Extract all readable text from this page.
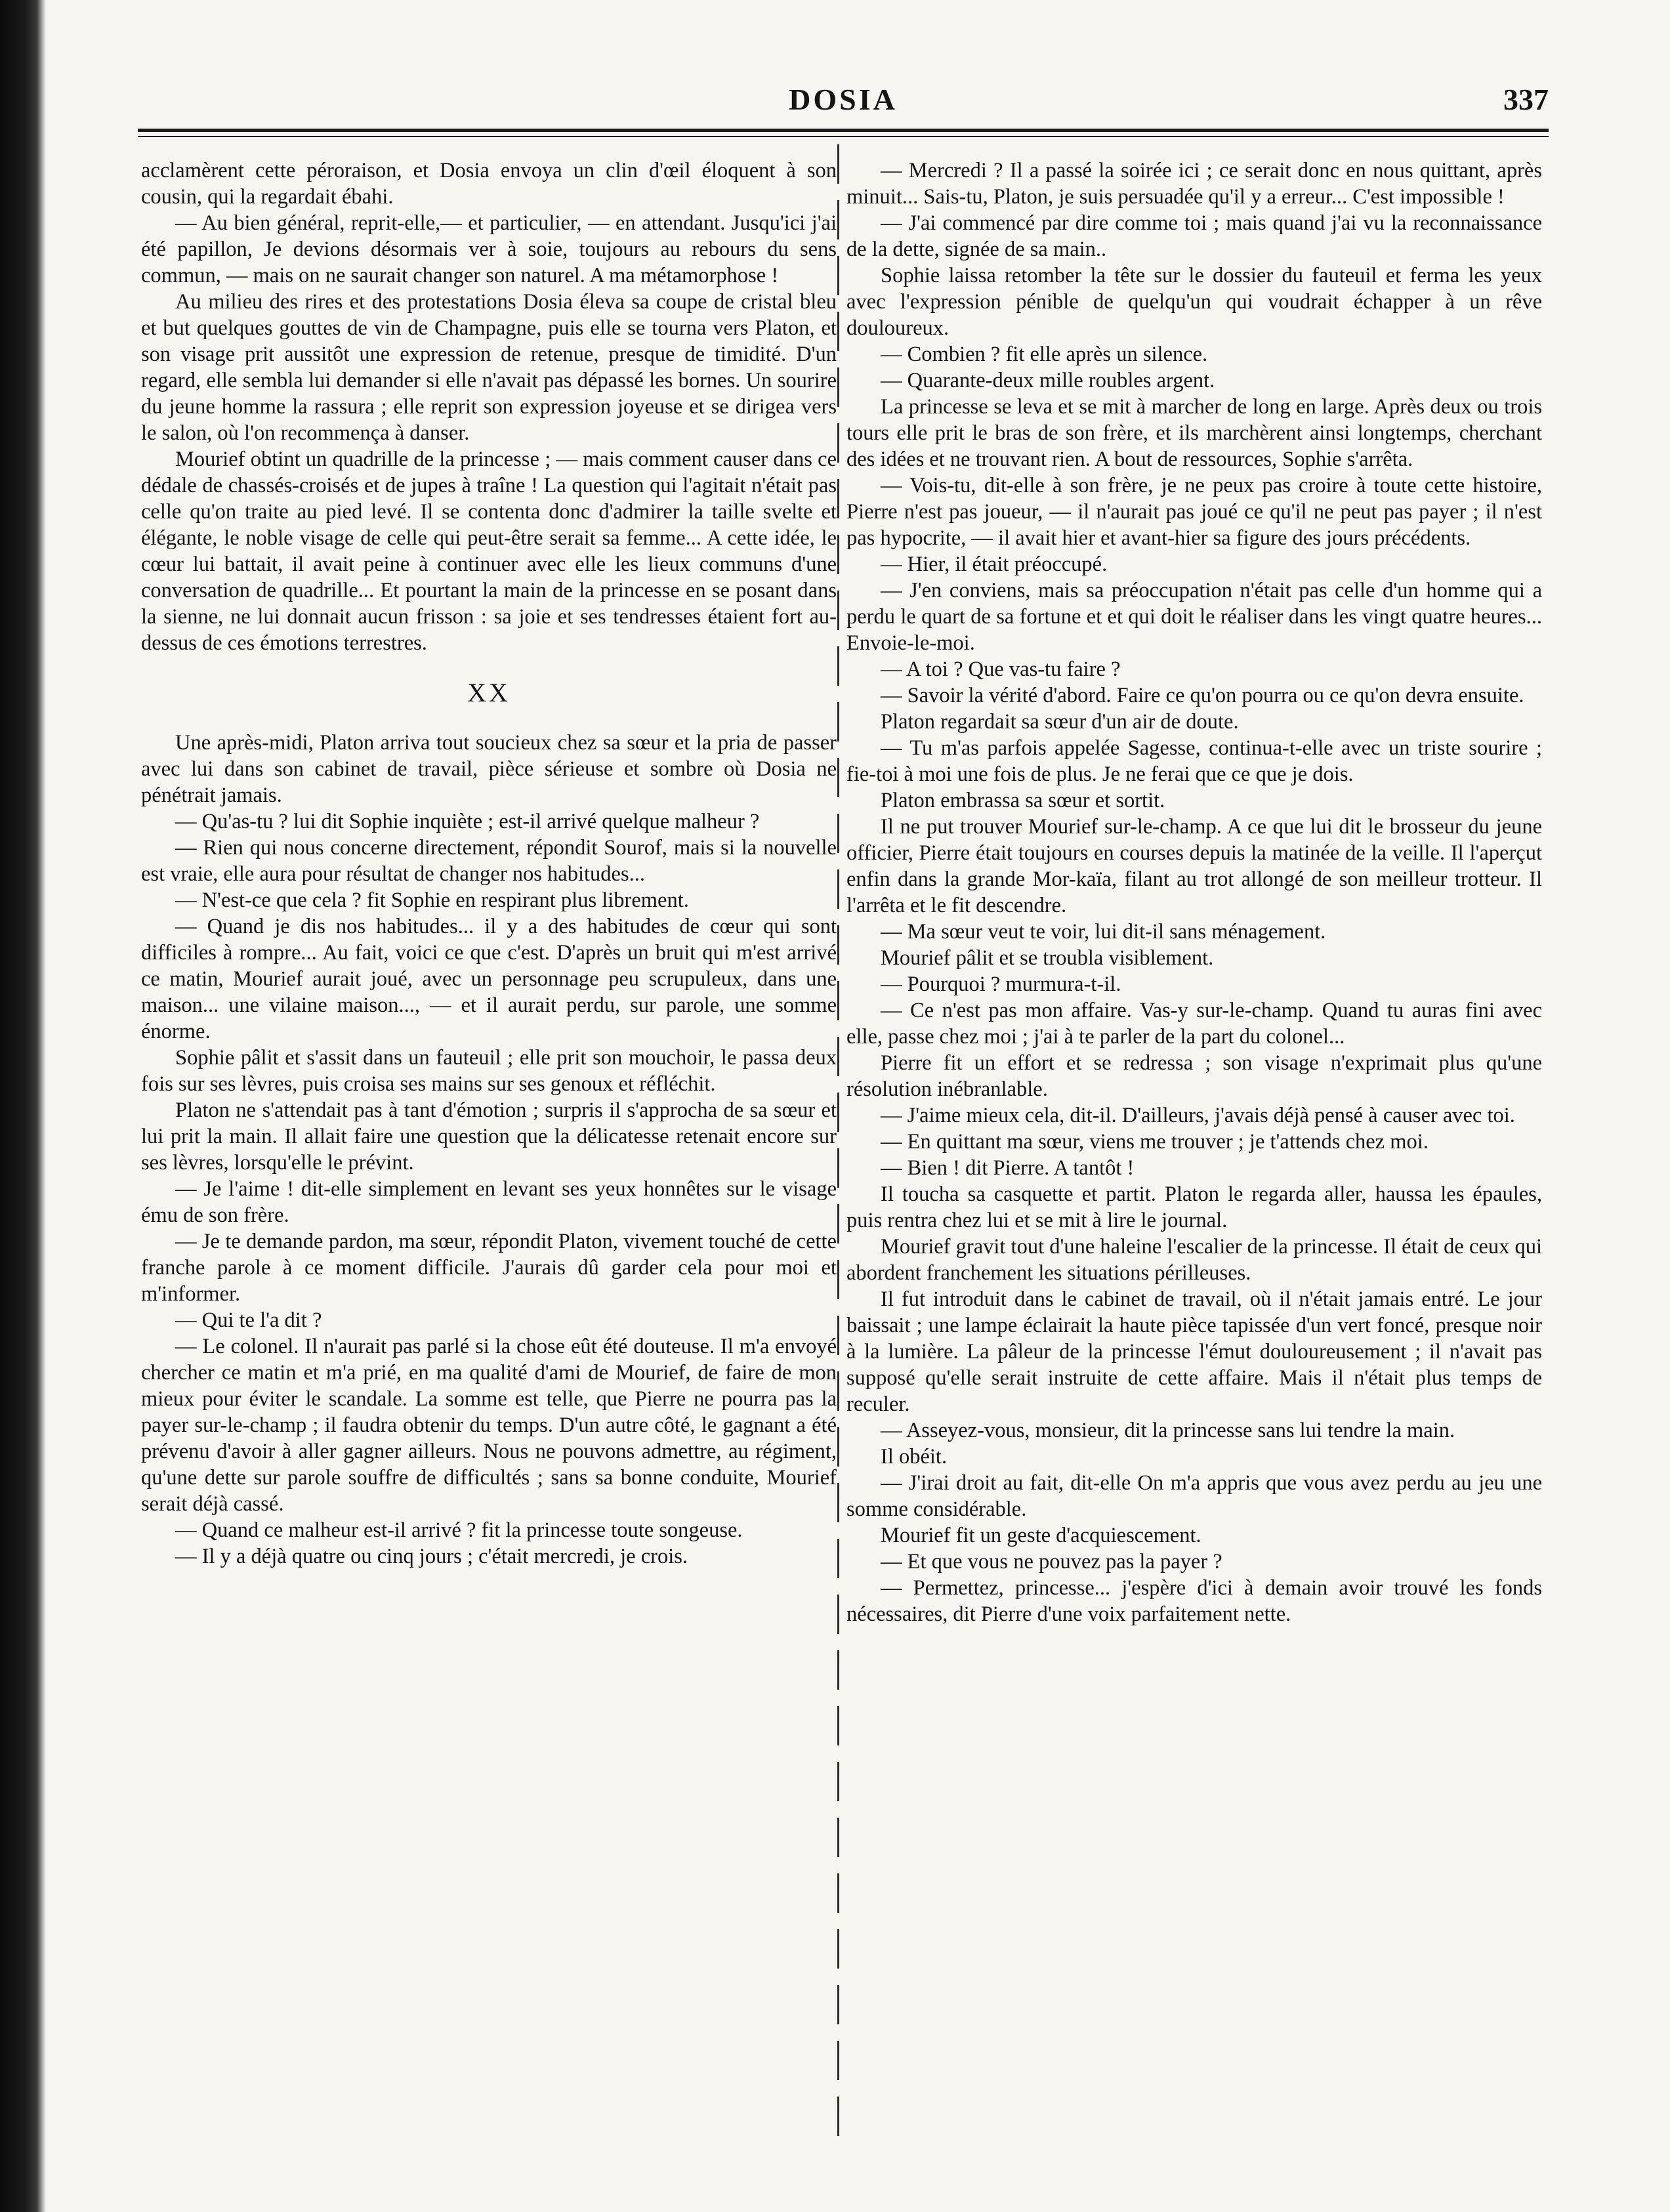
DOSIA	337

acclamèrent cette péroraison, et Dosia envoya un clin d'œil éloquent à son cousin, qui la regardait ébahi.

— Au bien général, reprit-elle,— et particulier, — en attendant. Jusqu'ici j'ai été papillon, Je devions désormais ver à soie, toujours au rebours du sens commun, — mais on ne saurait changer son naturel. A ma métamorphose !

Au milieu des rires et des protestations Dosia éleva sa coupe de cristal bleu et but quelques gouttes de vin de Champagne, puis elle se tourna vers Platon, et son visage prit aussitôt une expression de retenue, presque de timidité. D'un regard, elle sembla lui demander si elle n'avait pas dépassé les bornes. Un sourire du jeune homme la rassura ; elle reprit son expression joyeuse et se dirigea vers le salon, où l'on recommença à danser.

Mourief obtint un quadrille de la princesse ; — mais comment causer dans ce dédale de chassés-croisés et de jupes à traîne ! La question qui l'agitait n'était pas celle qu'on traite au pied levé. Il se contenta donc d'admirer la taille svelte et élégante, le noble visage de celle qui peut-être serait sa femme... A cette idée, le cœur lui battait, il avait peine à continuer avec elle les lieux communs d'une conversation de quadrille... Et pourtant la main de la princesse en se posant dans la sienne, ne lui donnait aucun frisson : sa joie et ses tendresses étaient fort au-dessus de ces émotions terrestres.

XX

Une après-midi, Platon arriva tout soucieux chez sa sœur et la pria de passer avec lui dans son cabinet de travail, pièce sérieuse et sombre où Dosia ne pénétrait jamais.

— Qu'as-tu ? lui dit Sophie inquiète ; est-il arrivé quelque malheur ?

— Rien qui nous concerne directement, répondit Sourof, mais si la nouvelle est vraie, elle aura pour résultat de changer nos habitudes...

— N'est-ce que cela ? fit Sophie en respirant plus librement.

— Quand je dis nos habitudes... il y a des habitudes de cœur qui sont difficiles à rompre... Au fait, voici ce que c'est. D'après un bruit qui m'est arrivé ce matin, Mourief aurait joué, avec un personnage peu scrupuleux, dans une maison... une vilaine maison..., — et il aurait perdu, sur parole, une somme énorme.

Sophie pâlit et s'assit dans un fauteuil ; elle prit son mouchoir, le passa deux fois sur ses lèvres, puis croisa ses mains sur ses genoux et réfléchit.

Platon ne s'attendait pas à tant d'émotion ; surpris il s'approcha de sa sœur et lui prit la main. Il allait faire une question que la délicatesse retenait encore sur ses lèvres, lorsqu'elle le prévint.

— Je l'aime ! dit-elle simplement en levant ses yeux honnêtes sur le visage ému de son frère.

— Je te demande pardon, ma sœur, répondit Platon, vivement touché de cette franche parole à ce moment difficile. J'aurais dû garder cela pour moi et m'informer.

— Qui te l'a dit ?

— Le colonel. Il n'aurait pas parlé si la chose eût été douteuse. Il m'a envoyé chercher ce matin et m'a prié, en ma qualité d'ami de Mourief, de faire de mon mieux pour éviter le scandale. La somme est telle, que Pierre ne pourra pas la payer sur-le-champ ; il faudra obtenir du temps. D'un autre côté, le gagnant a été prévenu d'avoir à aller gagner ailleurs. Nous ne pouvons admettre, au régiment, qu'une dette sur parole souffre de difficultés ; sans sa bonne conduite, Mourief serait déjà cassé.

— Quand ce malheur est-il arrivé ? fit la princesse toute songeuse.

— Il y a déjà quatre ou cinq jours ; c'était mercredi, je crois.

— Mercredi ? Il a passé la soirée ici ; ce serait donc en nous quittant, après minuit... Sais-tu, Platon, je suis persuadée qu'il y a erreur... C'est impossible !

— J'ai commencé par dire comme toi ; mais quand j'ai vu la reconnaissance de la dette, signée de sa main..

Sophie laissa retomber la tête sur le dossier du fauteuil et ferma les yeux avec l'expression pénible de quelqu'un qui voudrait échapper à un rêve douloureux.

— Combien ? fit elle après un silence.

— Quarante-deux mille roubles argent.

La princesse se leva et se mit à marcher de long en large. Après deux ou trois tours elle prit le bras de son frère, et ils marchèrent ainsi longtemps, cherchant des idées et ne trouvant rien. A bout de ressources, Sophie s'arrêta.

— Vois-tu, dit-elle à son frère, je ne peux pas croire à toute cette histoire, Pierre n'est pas joueur, — il n'aurait pas joué ce qu'il ne peut pas payer ; il n'est pas hypocrite, — il avait hier et avant-hier sa figure des jours précédents.

— Hier, il était préoccupé.

— J'en conviens, mais sa préoccupation n'était pas celle d'un homme qui a perdu le quart de sa fortune et et qui doit le réaliser dans les vingt quatre heures... Envoie-le-moi.

— A toi ? Que vas-tu faire ?

— Savoir la vérité d'abord. Faire ce qu'on pourra ou ce qu'on devra ensuite.

Platon regardait sa sœur d'un air de doute.

— Tu m'as parfois appelée Sagesse, continua-t-elle avec un triste sourire ; fie-toi à moi une fois de plus. Je ne ferai que ce que je dois.

Platon embrassa sa sœur et sortit.

Il ne put trouver Mourief sur-le-champ. A ce que lui dit le brosseur du jeune officier, Pierre était toujours en courses depuis la matinée de la veille. Il l'aperçut enfin dans la grande Mor-kaïa, filant au trot allongé de son meilleur trotteur. Il l'arrêta et le fit descendre.

— Ma sœur veut te voir, lui dit-il sans ménagement.

Mourief pâlit et se troubla visiblement.

— Pourquoi ? murmura-t-il.

— Ce n'est pas mon affaire. Vas-y sur-le-champ. Quand tu auras fini avec elle, passe chez moi ; j'ai à te parler de la part du colonel...

Pierre fit un effort et se redressa ; son visage n'exprimait plus qu'une résolution inébranlable.

— J'aime mieux cela, dit-il. D'ailleurs, j'avais déjà pensé à causer avec toi.

— En quittant ma sœur, viens me trouver ; je t'attends chez moi.

— Bien ! dit Pierre. A tantôt !

Il toucha sa casquette et partit. Platon le regarda aller, haussa les épaules, puis rentra chez lui et se mit à lire le journal.

Mourief gravit tout d'une haleine l'escalier de la princesse. Il était de ceux qui abordent franchement les situations périlleuses.

Il fut introduit dans le cabinet de travail, où il n'était jamais entré. Le jour baissait ; une lampe éclairait la haute pièce tapissée d'un vert foncé, presque noir à la lumière. La pâleur de la princesse l'émut douloureusement ; il n'avait pas supposé qu'elle serait instruite de cette affaire. Mais il n'était plus temps de reculer.

— Asseyez-vous, monsieur, dit la princesse sans lui tendre la main.

Il obéit.

— J'irai droit au fait, dit-elle On m'a appris que vous avez perdu au jeu une somme considérable.

Mourief fit un geste d'acquiescement.

— Et que vous ne pouvez pas la payer ?

— Permettez, princesse... j'espère d'ici à demain avoir trouvé les fonds nécessaires, dit Pierre d'une voix parfaitement nette.
